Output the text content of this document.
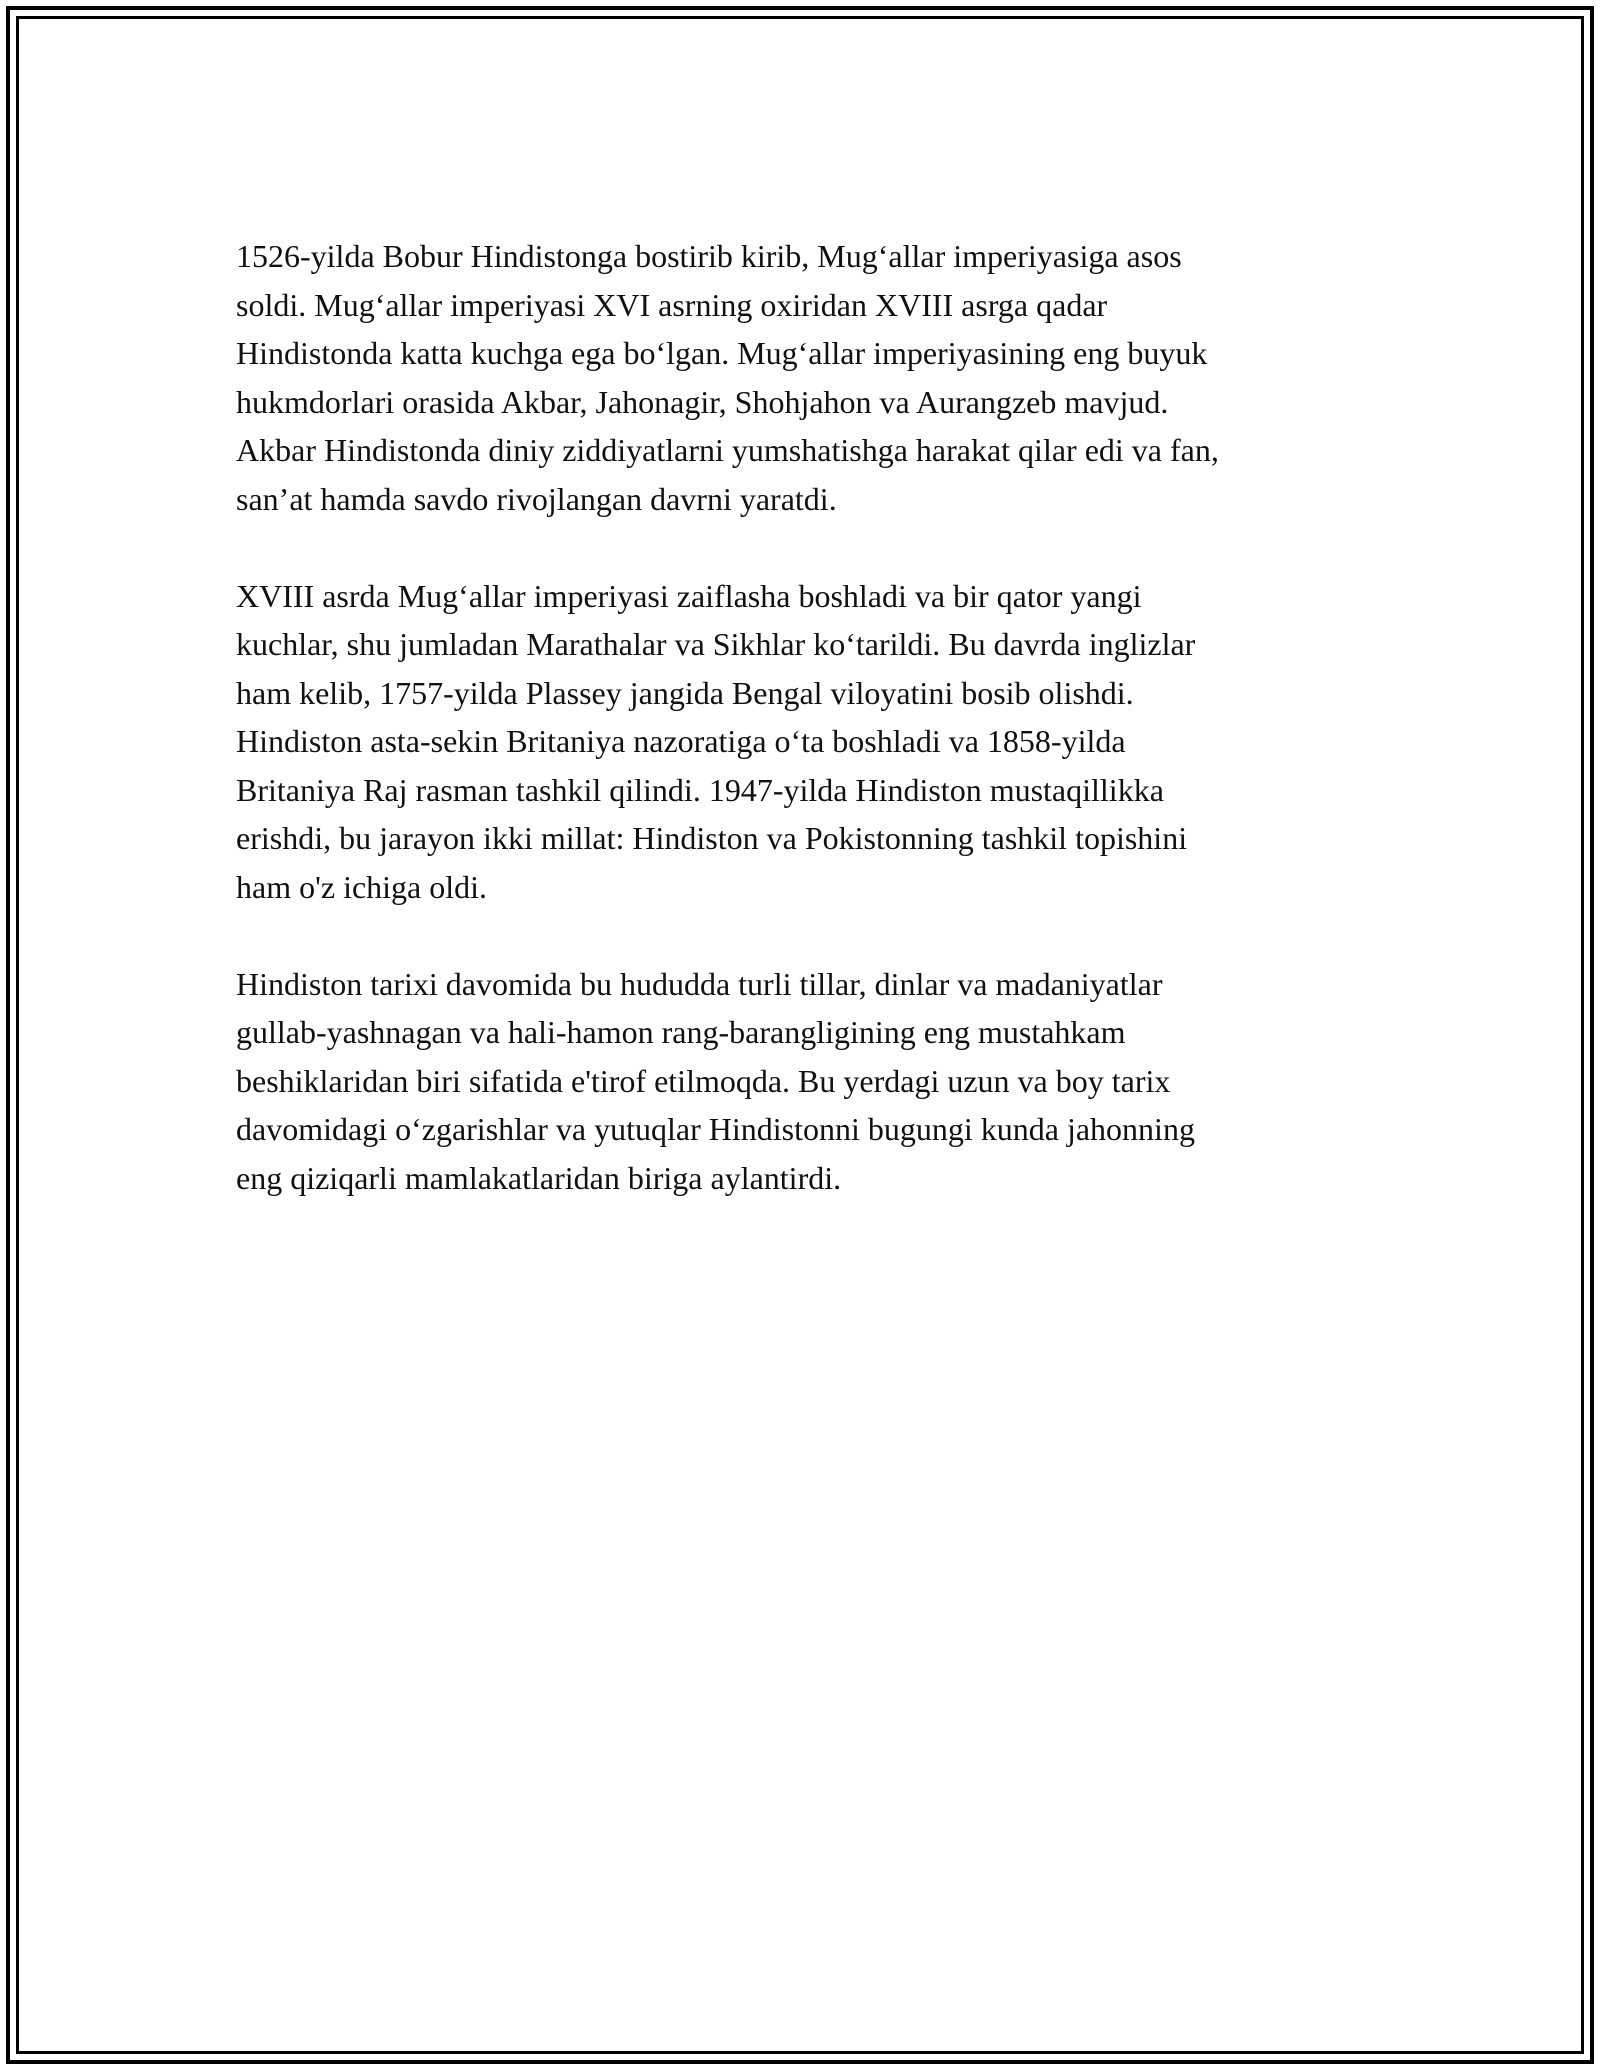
1526-yilda Bobur Hindistonga bostirib kirib, Mug‘allar imperiyasiga asos
soldi. Mug‘allar imperiyasi XVI asrning oxiridan XVIII asrga qadar
Hindistonda katta kuchga ega bo‘lgan. Mug‘allar imperiyasining eng buyuk
hukmdorlari orasida Akbar, Jahonagir, Shohjahon va Aurangzeb mavjud.
Akbar Hindistonda diniy ziddiyatlarni yumshatishga harakat qilar edi va fan,
san’at hamda savdo rivojlangan davrni yaratdi.

XVIII asrda Mug‘allar imperiyasi zaiflasha boshladi va bir qator yangi
kuchlar, shu jumladan Marathalar va Sikhlar ko‘tarildi. Bu davrda inglizlar
ham kelib, 1757-yilda Plassey jangida Bengal viloyatini bosib olishdi.
Hindiston asta-sekin Britaniya nazoratiga o‘ta boshladi va 1858-yilda
Britaniya Raj rasman tashkil qilindi. 1947-yilda Hindiston mustaqillikka
erishdi, bu jarayon ikki millat: Hindiston va Pokistonning tashkil topishini
ham o'z ichiga oldi.

Hindiston tarixi davomida bu hududda turli tillar, dinlar va madaniyatlar
gullab-yashnagan va hali-hamon rang-barangligining eng mustahkam
beshiklaridan biri sifatida e'tirof etilmoqda. Bu yerdagi uzun va boy tarix
davomidagi o‘zgarishlar va yutuqlar Hindistonni bugungi kunda jahonning
eng qiziqarli mamlakatlaridan biriga aylantirdi.
